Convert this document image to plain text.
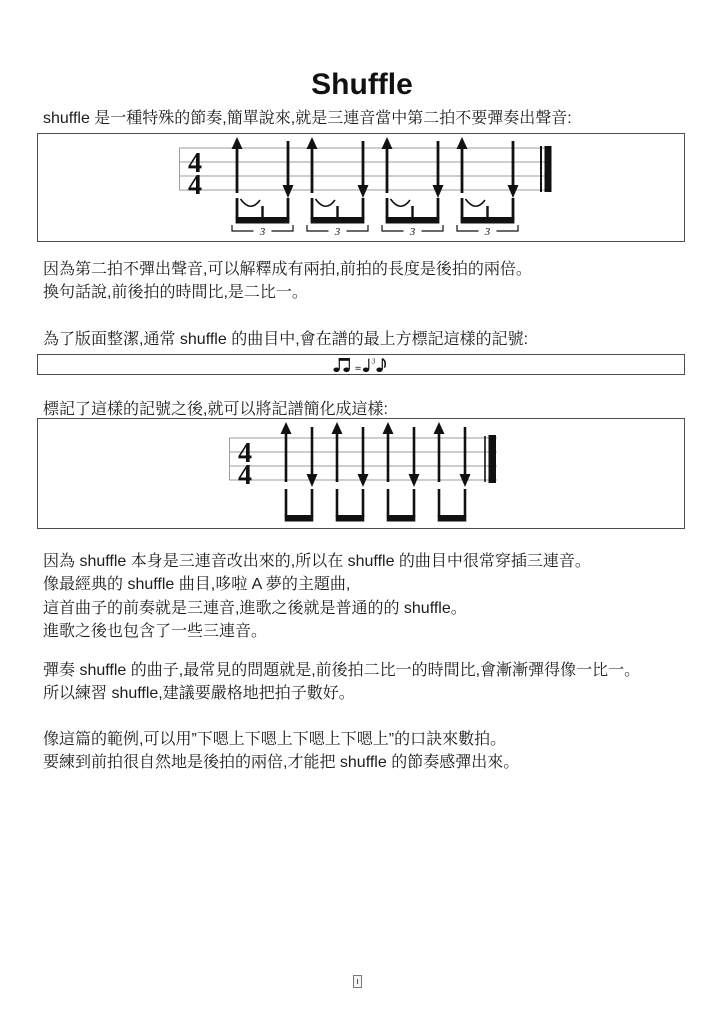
Shuffle

shuffle 是一種特殊的節奏,簡單說來,就是三連音當中第二拍不要彈奏出聲音:

3
4
4

因為第二拍不彈出聲音,可以解釋成有兩拍,前拍的長度是後拍的兩倍。

換句話說,前後拍的時間比,是二比一。

為了版面整潔,通常 shuffle 的曲目中,會在譜的最上方標記這樣的記號:

=
3

標記了這樣的記號之後,就可以將記譜簡化成這樣:

4
4

因為 shuffle 本身是三連音改出來的,所以在 shuffle 的曲目中很常穿插三連音。

像最經典的 shuffle 曲目,哆啦 A 夢的主題曲,

這首曲子的前奏就是三連音,進歌之後就是普通的的 shuffle。

進歌之後也包含了一些三連音。

彈奏 shuffle 的曲子,最常見的問題就是,前後拍二比一的時間比,會漸漸彈得像一比一。

所以練習 shuffle,建議要嚴格地把拍子數好。

像這篇的範例,可以用”下嗯上下嗯上下嗯上下嗯上”的口訣來數拍。

要練到前拍很自然地是後拍的兩倍,才能把 shuffle 的節奏感彈出來。
